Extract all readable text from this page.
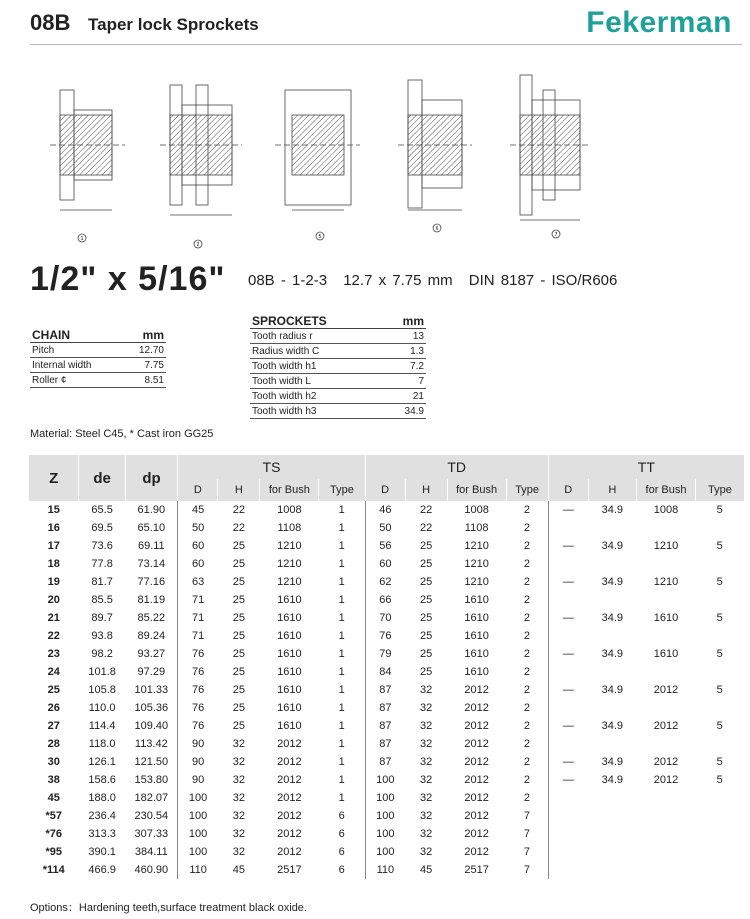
08B Taper lock Sprockets	Fekerman
1
2
5
6
7
1/2" x 5/16" 08B - 1-2-3 12.7 x 7.75 mm DIN 8187 - ISO/R606
CHAIN	mm
Pitch	12.70
Internal width	7.75
Roller ¢	8.51
SPROCKETS	mm
Tooth radius r	13
Radius width C	1.3
Tooth width h1	7.2
Tooth width L	7
Tooth width h2	21
Tooth width h3	34.9
Material: Steel C45, * Cast iron GG25
Z	de	dp	TS				TD				TT			
			D	H	for Bush	Type	D	H	for Bush	Type	D	H	for Bush	Type
15	65.5	61.90	45	22	1008	1	46	22	1008	2	—	34.9	1008	5
16	69.5	65.10	50	22	1108	1	50	22	1108	2				
17	73.6	69.11	60	25	1210	1	56	25	1210	2	—	34.9	1210	5
18	77.8	73.14	60	25	1210	1	60	25	1210	2				
19	81.7	77.16	63	25	1210	1	62	25	1210	2	—	34.9	1210	5
20	85.5	81.19	71	25	1610	1	66	25	1610	2				
21	89.7	85.22	71	25	1610	1	70	25	1610	2	—	34.9	1610	5
22	93.8	89.24	71	25	1610	1	76	25	1610	2				
23	98.2	93.27	76	25	1610	1	79	25	1610	2	—	34.9	1610	5
24	101.8	97.29	76	25	1610	1	84	25	1610	2				
25	105.8	101.33	76	25	1610	1	87	32	2012	2	—	34.9	2012	5
26	110.0	105.36	76	25	1610	1	87	32	2012	2				
27	114.4	109.40	76	25	1610	1	87	32	2012	2	—	34.9	2012	5
28	118.0	113.42	90	32	2012	1	87	32	2012	2				
30	126.1	121.50	90	32	2012	1	87	32	2012	2	—	34.9	2012	5
38	158.6	153.80	90	32	2012	1	100	32	2012	2	—	34.9	2012	5
45	188.0	182.07	100	32	2012	1	100	32	2012	2				
*57	236.4	230.54	100	32	2012	6	100	32	2012	7				
*76	313.3	307.33	100	32	2012	6	100	32	2012	7				
*95	390.1	384.11	100	32	2012	6	100	32	2012	7				
*114	466.9	460.90	110	45	2517	6	110	45	2517	7				
Options：Hardening teeth,surface treatment black oxide.
